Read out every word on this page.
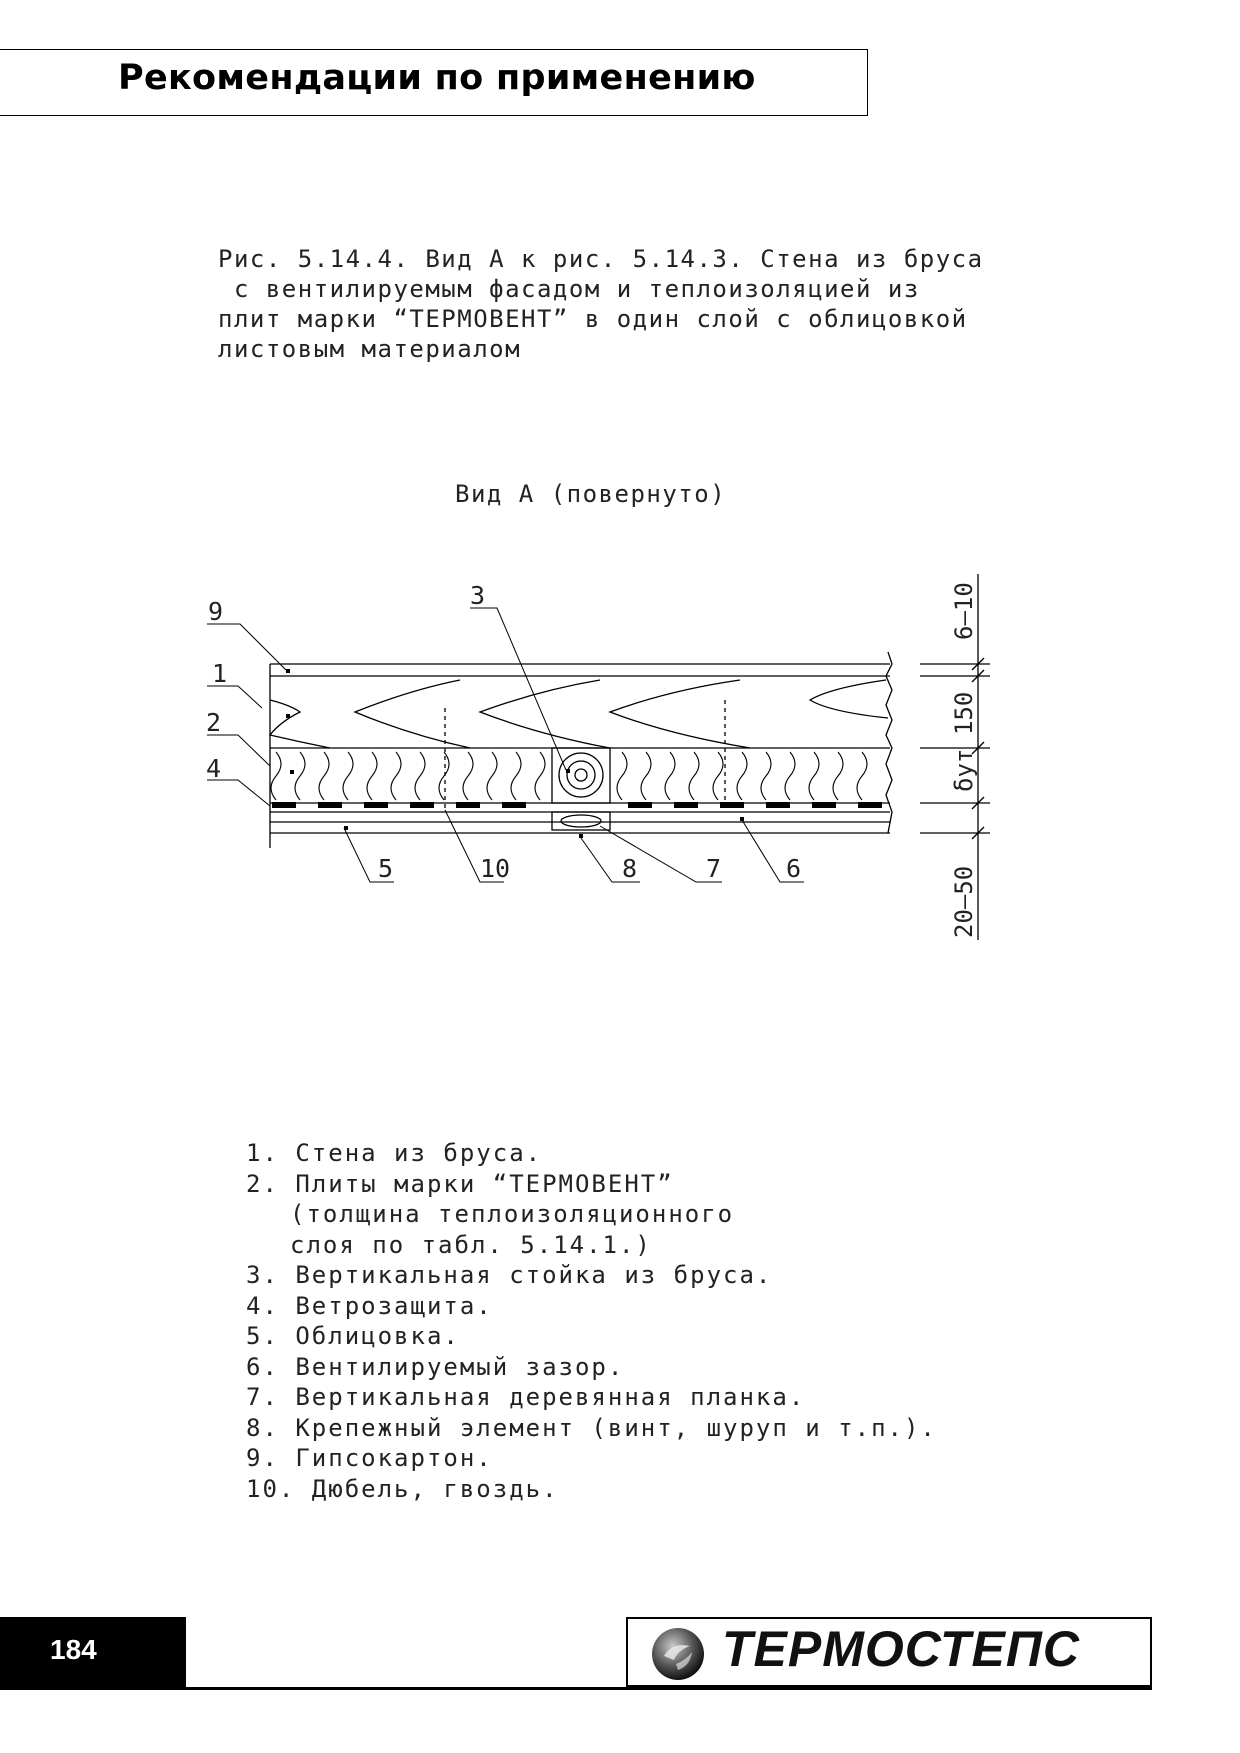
Рекомендации по применению
Рис. 5.14.4. Вид А к рис. 5.14.3. Стена из бруса
с вентилируемым фасадом и теплоизоляцией из
плит марки “ТЕРМОВЕНТ” в один слой с облицовкой
листовым материалом
Вид А (повернуто)
9
1
2
4
3
5	10	8	7	6
6–10
150
δут
20–50
1. Стена из бруса.
2. Плиты марки “ТЕРМОВЕНТ”
(толщина теплоизоляционного
слоя по табл. 5.14.1.)
3. Вертикальная стойка из бруса.
4. Ветрозащита.
5. Облицовка.
6. Вентилируемый зазор.
7. Вертикальная деревянная планка.
8. Крепежный элемент (винт, шуруп и т.п.).
9. Гипсокартон.
10. Дюбель, гвоздь.
184	ТЕРМОСТЕПС
